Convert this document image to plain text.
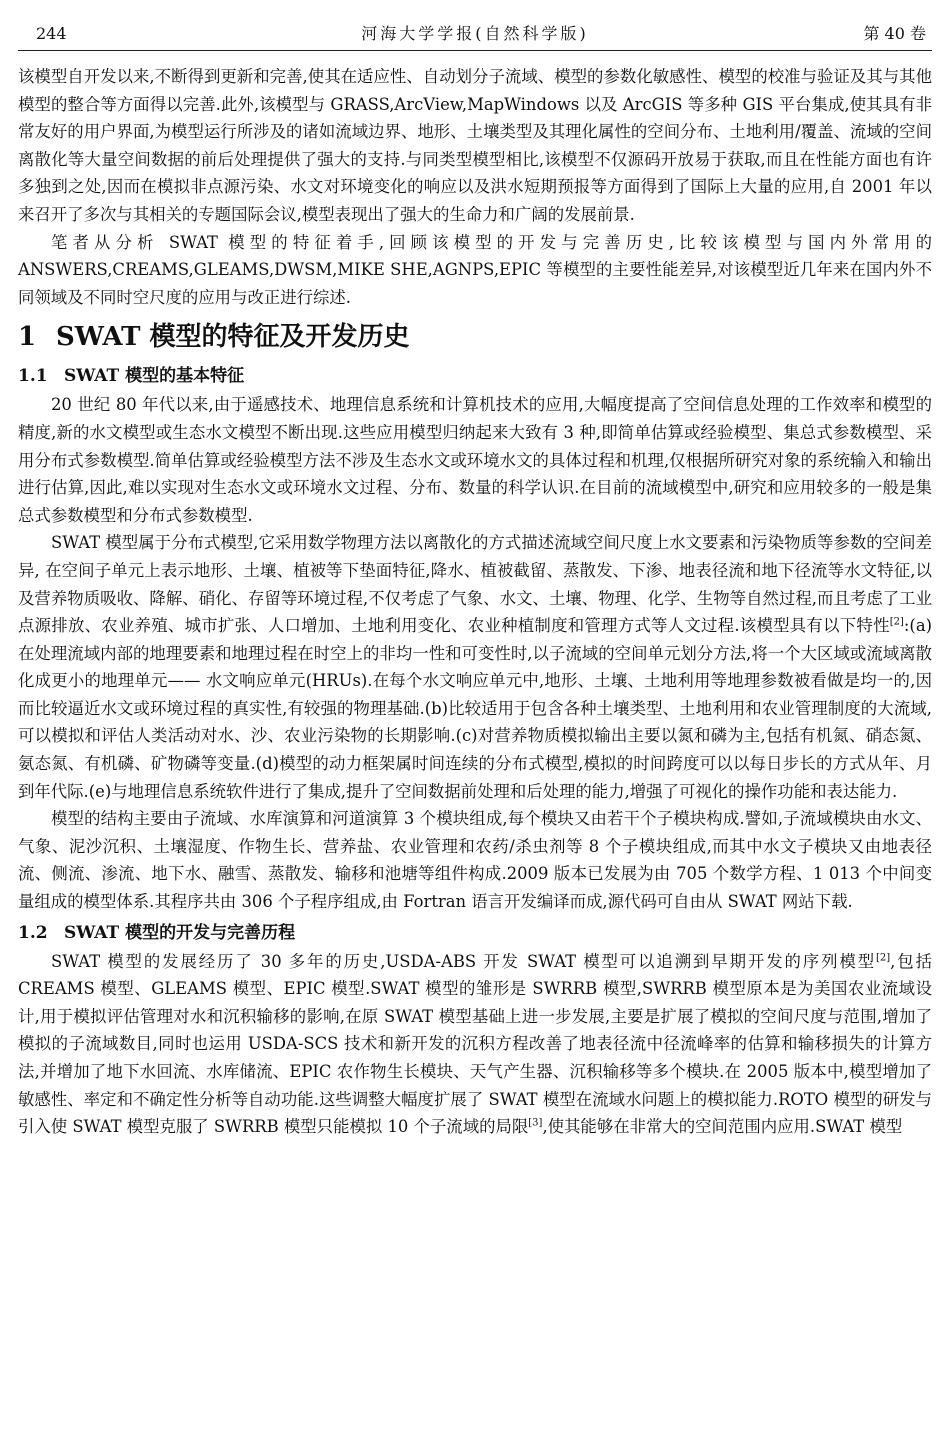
244	河海大学学报(自然科学版)	第 40 卷

该模型自开发以来,不断得到更新和完善,使其在适应性、自动划分子流域、模型的参数化敏感性、模型的校准与验证及其与其他模型的整合等方面得以完善.此外,该模型与 GRASS,ArcView,MapWindows 以及 ArcGIS 等多种 GIS 平台集成,使其具有非常友好的用户界面,为模型运行所涉及的诸如流域边界、地形、土壤类型及其理化属性的空间分布、土地利用/覆盖、流域的空间离散化等大量空间数据的前后处理提供了强大的支持.与同类型模型相比,该模型不仅源码开放易于获取,而且在性能方面也有许多独到之处,因而在模拟非点源污染、水文对环境变化的响应以及洪水短期预报等方面得到了国际上大量的应用,自 2001 年以来召开了多次与其相关的专题国际会议,模型表现出了强大的生命力和广阔的发展前景.

笔者从分析 SWAT 模型的特征着手,回顾该模型的开发与完善历史,比较该模型与国内外常用的 ANSWERS,CREAMS,GLEAMS,DWSM,MIKE SHE,AGNPS,EPIC 等模型的主要性能差异,对该模型近几年来在国内外不同领域及不同时空尺度的应用与改正进行综述.

1 SWAT 模型的特征及开发历史
1.1 SWAT 模型的基本特征

20 世纪 80 年代以来,由于遥感技术、地理信息系统和计算机技术的应用,大幅度提高了空间信息处理的工作效率和模型的精度,新的水文模型或生态水文模型不断出现.这些应用模型归纳起来大致有 3 种,即简单估算或经验模型、集总式参数模型、采用分布式参数模型.简单估算或经验模型方法不涉及生态水文或环境水文的具体过程和机理,仅根据所研究对象的系统输入和输出进行估算,因此,难以实现对生态水文或环境水文过程、分布、数量的科学认识.在目前的流域模型中,研究和应用较多的一般是集总式参数模型和分布式参数模型.

SWAT 模型属于分布式模型,它采用数学物理方法以离散化的方式描述流域空间尺度上水文要素和污染物质等参数的空间差异, 在空间子单元上表示地形、土壤、植被等下垫面特征,降水、植被截留、蒸散发、下渗、地表径流和地下径流等水文特征,以及营养物质吸收、降解、硝化、存留等环境过程,不仅考虑了气象、水文、土壤、物理、化学、生物等自然过程,而且考虑了工业点源排放、农业养殖、城市扩张、人口增加、土地利用变化、农业种植制度和管理方式等人文过程.该模型具有以下特性[2]:(a)在处理流域内部的地理要素和地理过程在时空上的非均一性和可变性时,以子流域的空间单元划分方法,将一个大区域或流域离散化成更小的地理单元—— 水文响应单元(HRUs).在每个水文响应单元中,地形、土壤、土地利用等地理参数被看做是均一的,因而比较逼近水文或环境过程的真实性,有较强的物理基础.(b)比较适用于包含各种土壤类型、土地利用和农业管理制度的大流域,可以模拟和评估人类活动对水、沙、农业污染物的长期影响.(c)对营养物质模拟输出主要以氮和磷为主,包括有机氮、硝态氮、氨态氮、有机磷、矿物磷等变量.(d)模型的动力框架属时间连续的分布式模型,模拟的时间跨度可以以每日步长的方式从年、月到年代际.(e)与地理信息系统软件进行了集成,提升了空间数据前处理和后处理的能力,增强了可视化的操作功能和表达能力.

模型的结构主要由子流域、水库演算和河道演算 3 个模块组成,每个模块又由若干个子模块构成.譬如,子流域模块由水文、气象、泥沙沉积、土壤湿度、作物生长、营养盐、农业管理和农药/杀虫剂等 8 个子模块组成,而其中水文子模块又由地表径流、侧流、渗流、地下水、融雪、蒸散发、输移和池塘等组件构成.2009 版本已发展为由 705 个数学方程、1 013 个中间变量组成的模型体系.其程序共由 306 个子程序组成,由 Fortran 语言开发编译而成,源代码可自由从 SWAT 网站下载.

1.2 SWAT 模型的开发与完善历程

SWAT 模型的发展经历了 30 多年的历史,USDA-ABS 开发 SWAT 模型可以追溯到早期开发的序列模型[2],包括 CREAMS 模型、GLEAMS 模型、EPIC 模型.SWAT 模型的雏形是 SWRRB 模型,SWRRB 模型原本是为美国农业流域设计,用于模拟评估管理对水和沉积输移的影响,在原 SWAT 模型基础上进一步发展,主要是扩展了模拟的空间尺度与范围,增加了模拟的子流域数目,同时也运用 USDA-SCS 技术和新开发的沉积方程改善了地表径流中径流峰率的估算和输移损失的计算方法,并增加了地下水回流、水库储流、EPIC 农作物生长模块、天气产生器、沉积输移等多个模块.在 2005 版本中,模型增加了敏感性、率定和不确定性分析等自动功能.这些调整大幅度扩展了 SWAT 模型在流域水问题上的模拟能力.ROTO 模型的研发与引入使 SWAT 模型克服了 SWRRB 模型只能模拟 10 个子流域的局限[3],使其能够在非常大的空间范围内应用.SWAT 模型
